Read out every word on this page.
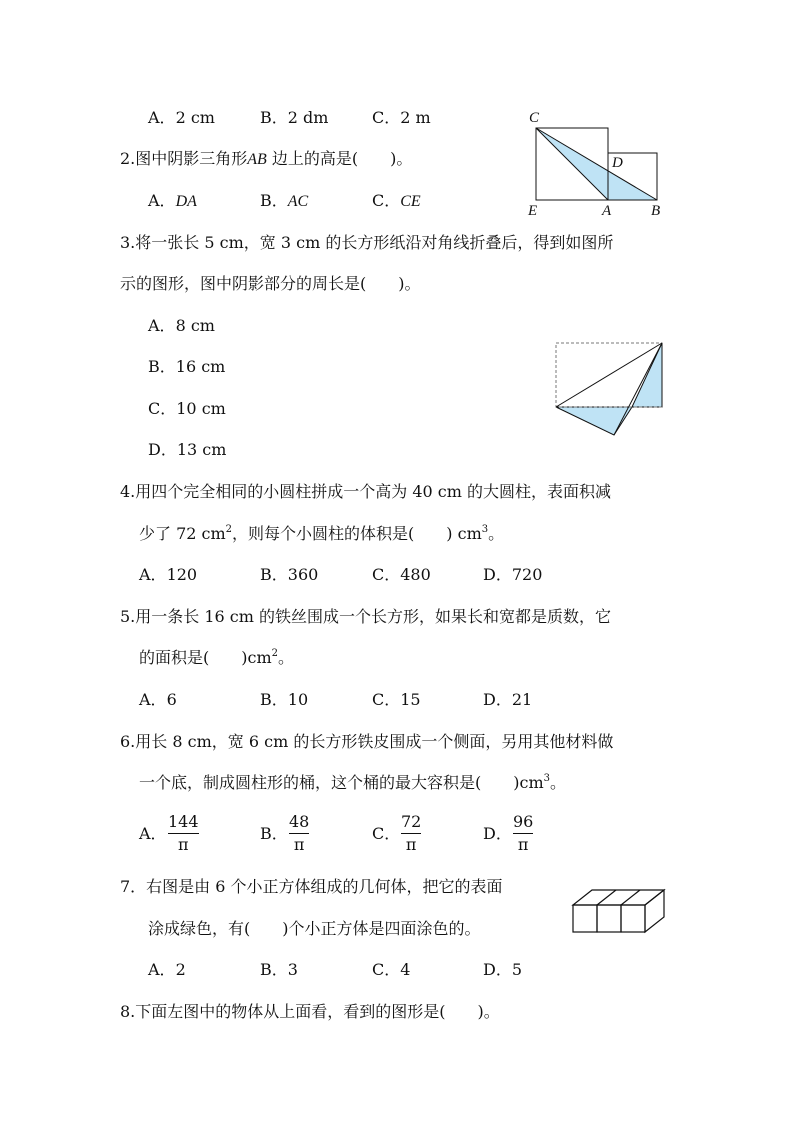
A．2 cm	B．2 dm	C．2 m
2.图中阴影三角形AB 边上的高是(　　)。
A．DA	B．AC	C．CE
C
D
E	A	B
3.将一张长 5 cm，宽 3 cm 的长方形纸沿对角线折叠后，得到如图所
示的图形，图中阴影部分的周长是(　　)。
A．8 cm
B．16 cm
C．10 cm
D．13 cm
4.用四个完全相同的小圆柱拼成一个高为 40 cm 的大圆柱，表面积减
少了 72 $cm^2$，则每个小圆柱的体积是(　　) $cm^3$。
A．120	B．360	C．480	D．720
5.用一条长 16 cm 的铁丝围成一个长方形，如果长和宽都是质数，它
的面积是(　　)$cm^2$。
A．6	B．10	C．15	D．21
6.用长 8 cm，宽 6 cm 的长方形铁皮围成一个侧面，另用其他材料做
一个底，制成圆柱形的桶，这个桶的最大容积是(　　)$cm^3$。
A．
144
π
B．
48
π
C．
72
π
D．
96
π
7．右图是由 6 个小正方体组成的几何体，把它的表面
涂成绿色，有(　　)个小正方体是四面涂色的。
A．2	B．3	C．4	D．5
8.下面左图中的物体从上面看，看到的图形是(　　)。
